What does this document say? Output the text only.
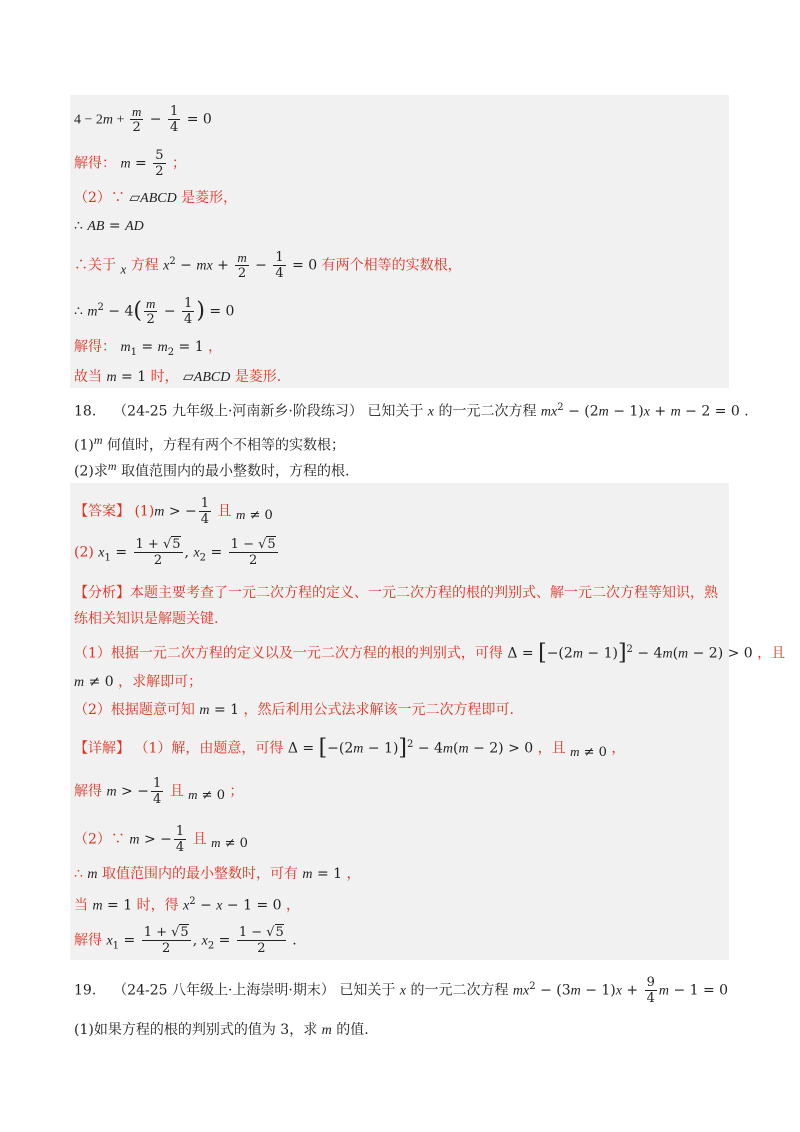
$4 - 2m + \frac{m}{2} - \frac{1}{4} = 0$
解得： $m = \frac{5}{2}$ ；
（2）∵ ▱ABCD 是菱形，
∴ AB = AD
∴关于 $_x$ 方程 $x^2$ − mx + $\frac{m}{2} - \frac{1}{4} = 0$ 有两个相等的实数根，
∴ $m^2 - 4( \frac{m}{2} - \frac{1}{4}$ ) = 0
解得： $m_1 = m_2 = 1$ ，
故当 m = 1 时， ▱ABCD 是菱形.
18. （24-25 九年级上·河南新乡·阶段练习） 已知关于 x 的一元二次方程 $mx^2 - (2m - 1)x + m - 2 = 0$ .
$(1)^m$ 何值时，方程有两个不相等的实数根；
(2)求$^m$ 取值范围内的最小整数时，方程的根.
【答案】 (1)m > − $\frac{1}{4}$ 且 $_{m \ne 0}$
(2) $x_1 = \frac{1 + √5}{2}$ , $x_2 = \frac{1 - √5}{2}$
【分析】本题主要考查了一元二次方程的定义、一元二次方程的根的判别式、解一元二次方程等知识，熟
练相关知识是解题关键.
（1）根据一元二次方程的定义以及一元二次方程的根的判别式，可得 $\Delta = [-(2m - 1)]^2 - 4m(m - 2) > 0$ ，且
m ≠ 0 ，求解即可；
（2）根据题意可知 m = 1 ，然后利用公式法求解该一元二次方程即可.
【详解】 （1）解，由题意，可得 $\Delta = [-(2m - 1)]^2 - 4m(m - 2) > 0$ ，且 $_{m \ne 0}$ ，
解得 m > − $\frac{1}{4}$ 且 $_{m \ne 0}$ ；
（2）∵ m > − $\frac{1}{4}$ 且 $_{m \ne 0}$
∴ m 取值范围内的最小整数时，可有 m = 1 ，
当 m = 1 时，得 $x^2 - x - 1 = 0$ ，
解得 $x_1 = \frac{1 + √5}{2}$ , $x_2 = \frac{1 - √5}{2}$ .
19. （24-25 八年级上·上海崇明·期末） 已知关于 x 的一元二次方程 $mx^2 - (3m - 1)x + \frac{9}{4}$ m − 1 = 0
(1)如果方程的根的判别式的值为 3，求 m 的值.
